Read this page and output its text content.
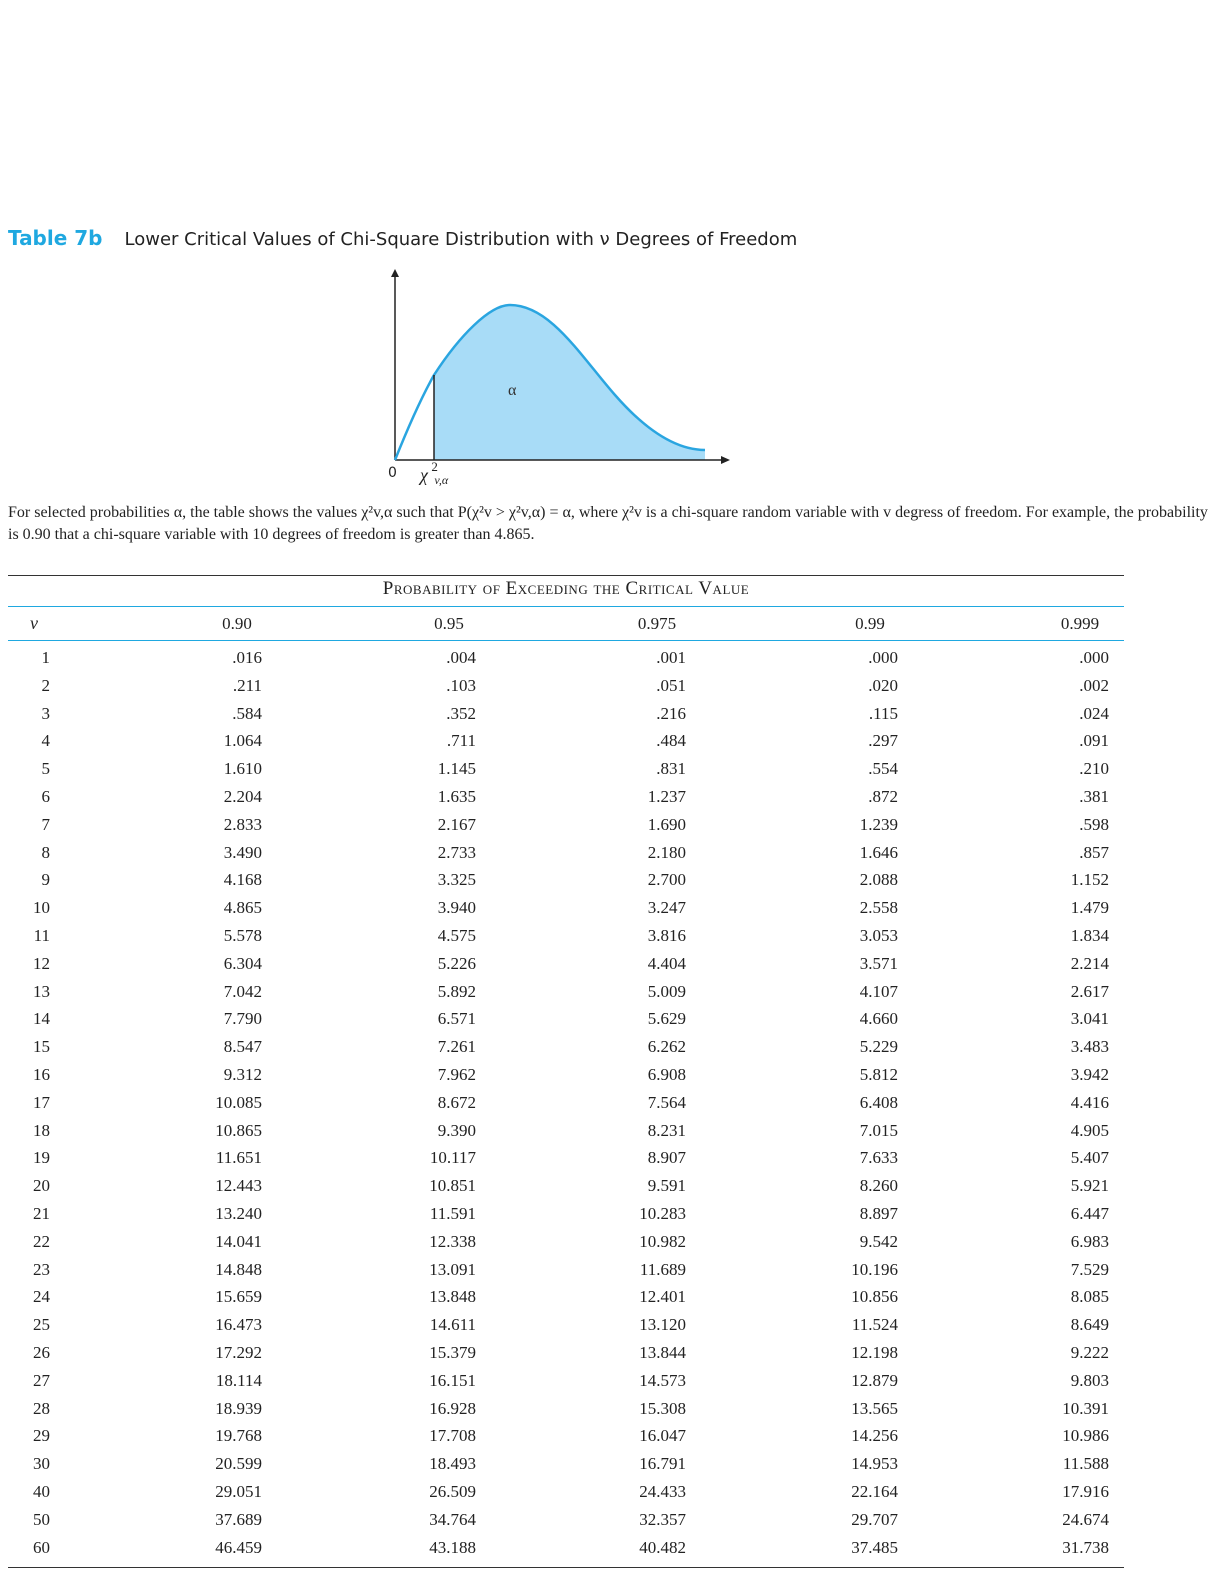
Table 7b Lower Critical Values of Chi-Square Distribution with ν Degrees of Freedom
α
0 χ 2 v,α

For selected probabilities α, the table shows the values χ²v,α such that P(χ²v > χ²v,α) = α, where χ²v is a chi-square random variable with v degress of freedom. For example, the probability is 0.90 that a chi-square variable with 10 degrees of freedom is greater than 4.865.

Probability of Exceeding the Critical Value
ν	0.90	0.95	0.975	0.99	0.999
1	.016	.004	.001	.000	.000
2	.211	.103	.051	.020	.002
3	.584	.352	.216	.115	.024
4	1.064	.711	.484	.297	.091
5	1.610	1.145	.831	.554	.210
6	2.204	1.635	1.237	.872	.381
7	2.833	2.167	1.690	1.239	.598
8	3.490	2.733	2.180	1.646	.857
9	4.168	3.325	2.700	2.088	1.152
10	4.865	3.940	3.247	2.558	1.479
11	5.578	4.575	3.816	3.053	1.834
12	6.304	5.226	4.404	3.571	2.214
13	7.042	5.892	5.009	4.107	2.617
14	7.790	6.571	5.629	4.660	3.041
15	8.547	7.261	6.262	5.229	3.483
16	9.312	7.962	6.908	5.812	3.942
17	10.085	8.672	7.564	6.408	4.416
18	10.865	9.390	8.231	7.015	4.905
19	11.651	10.117	8.907	7.633	5.407
20	12.443	10.851	9.591	8.260	5.921
21	13.240	11.591	10.283	8.897	6.447
22	14.041	12.338	10.982	9.542	6.983
23	14.848	13.091	11.689	10.196	7.529
24	15.659	13.848	12.401	10.856	8.085
25	16.473	14.611	13.120	11.524	8.649
26	17.292	15.379	13.844	12.198	9.222
27	18.114	16.151	14.573	12.879	9.803
28	18.939	16.928	15.308	13.565	10.391
29	19.768	17.708	16.047	14.256	10.986
30	20.599	18.493	16.791	14.953	11.588
40	29.051	26.509	24.433	22.164	17.916
50	37.689	34.764	32.357	29.707	24.674
60	46.459	43.188	40.482	37.485	31.738
